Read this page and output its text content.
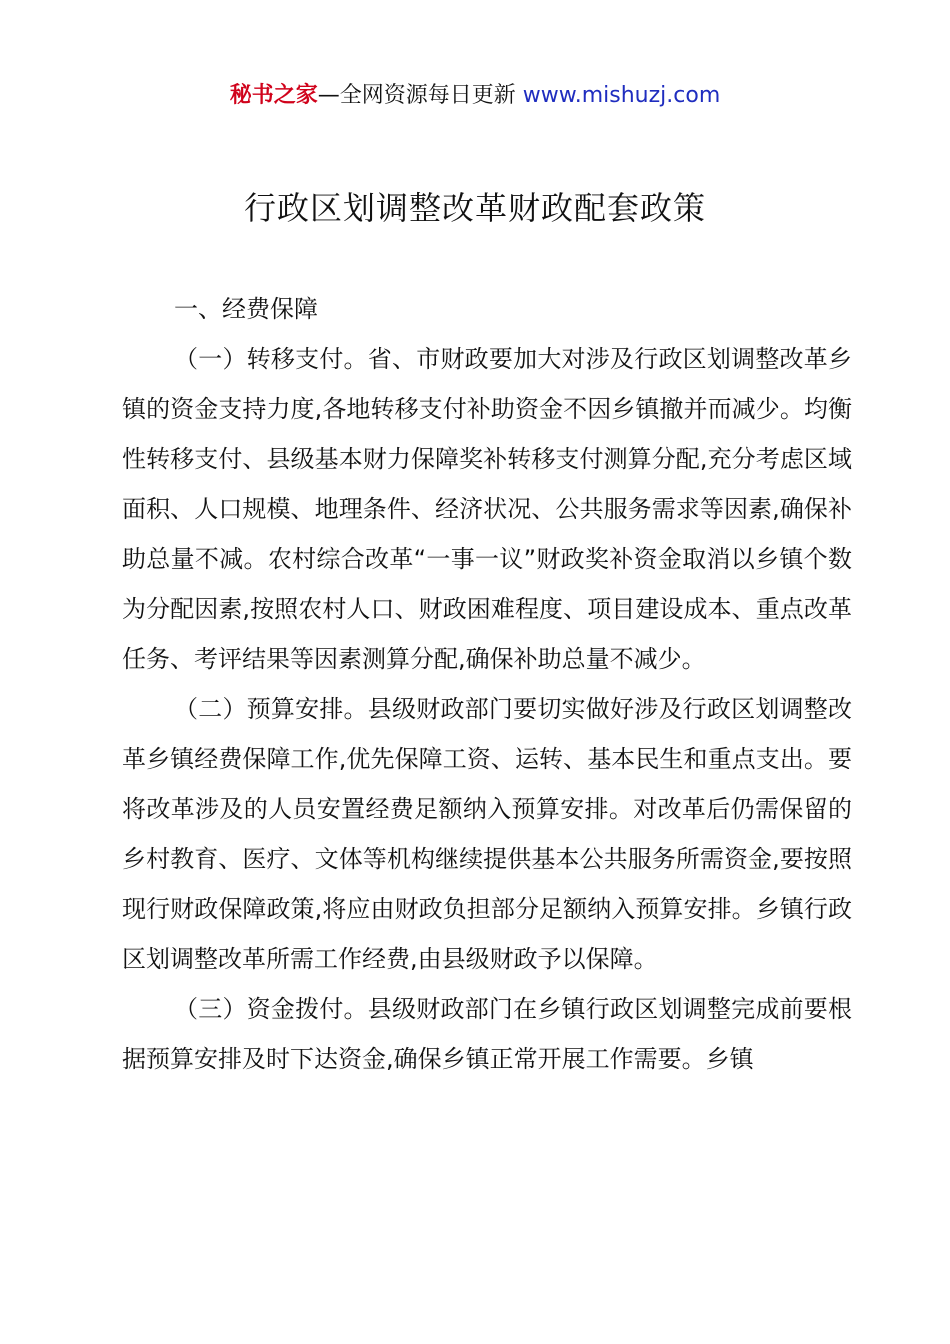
秘书之家—全网资源每日更新 www.mishuzj.com
行政区划调整改革财政配套政策

一、经费保障

（一）转移支付。省、市财政要加大对涉及行政区划调整改革乡镇的资金支持力度,各地转移支付补助资金不因乡镇撤并而减少。均衡性转移支付、县级基本财力保障奖补转移支付测算分配,充分考虑区域面积、人口规模、地理条件、经济状况、公共服务需求等因素,确保补助总量不减。农村综合改革“一事一议”财政奖补资金取消以乡镇个数为分配因素,按照农村人口、财政困难程度、项目建设成本、重点改革任务、考评结果等因素测算分配,确保补助总量不减少。

（二）预算安排。县级财政部门要切实做好涉及行政区划调整改革乡镇经费保障工作,优先保障工资、运转、基本民生和重点支出。要将改革涉及的人员安置经费足额纳入预算安排。对改革后仍需保留的乡村教育、医疗、文体等机构继续提供基本公共服务所需资金,要按照现行财政保障政策,将应由财政负担部分足额纳入预算安排。乡镇行政区划调整改革所需工作经费,由县级财政予以保障。

（三）资金拨付。县级财政部门在乡镇行政区划调整完成前要根据预算安排及时下达资金,确保乡镇正常开展工作需要。乡镇
